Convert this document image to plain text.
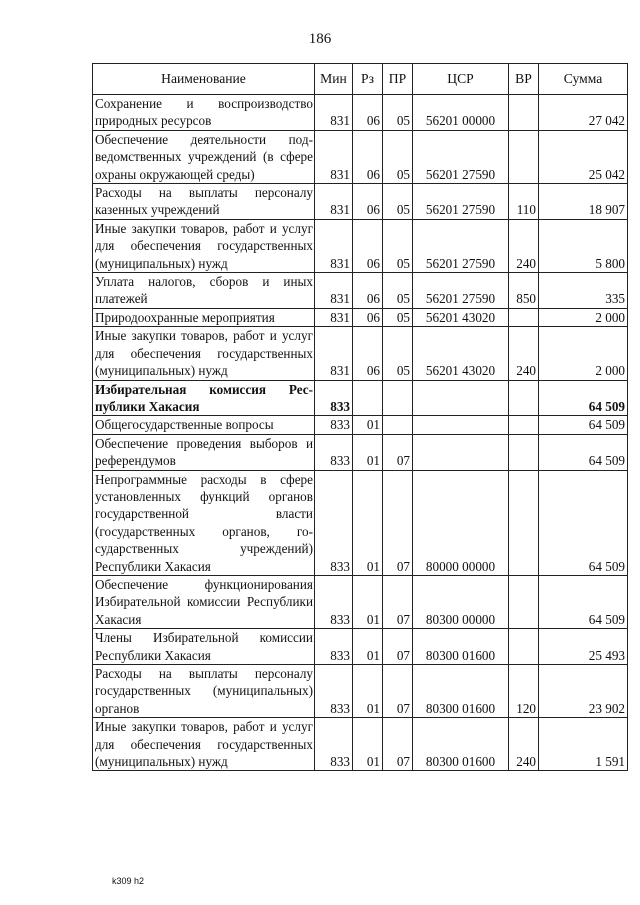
186
Наименование	Мин	Рз	ПР	ЦСР	ВР	Сумма
Сохранение и воспроизводство природных ресурсов	831	06	05	56201 00000		27 042
Обеспечение деятельности подведомственных учреждений (в сфере охраны окружающей среды)	831	06	05	56201 27590		25 042
Расходы на выплаты персоналу казенных учреждений	831	06	05	56201 27590	110	18 907
Иные закупки товаров, работ и услуг для обеспечения государственных (муниципальных) нужд	831	06	05	56201 27590	240	5 800
Уплата налогов, сборов и иных платежей	831	06	05	56201 27590	850	335
Природоохранные мероприятия	831	06	05	56201 43020		2 000
Иные закупки товаров, работ и услуг для обеспечения государственных (муниципальных) нужд	831	06	05	56201 43020	240	2 000
Избирательная комиссия Республики Хакасия	833					64 509
Общегосударственные вопросы	833	01				64 509
Обеспечение проведения выборов и референдумов	833	01	07			64 509
Непрограммные расходы в сфере установленных функций органов государственной власти (государственных органов, государственных учреждений) Республики Хакасия	833	01	07	80000 00000		64 509
Обеспечение функционирования Избирательной комиссии Республики Хакасия	833	01	07	80300 00000		64 509
Члены Избирательной комиссии Республики Хакасия	833	01	07	80300 01600		25 493
Расходы на выплаты персоналу государственных (муниципальных) органов	833	01	07	80300 01600	120	23 902
Иные закупки товаров, работ и услуг для обеспечения государственных (муниципальных) нужд	833	01	07	80300 01600	240	1 591
k309 h2
